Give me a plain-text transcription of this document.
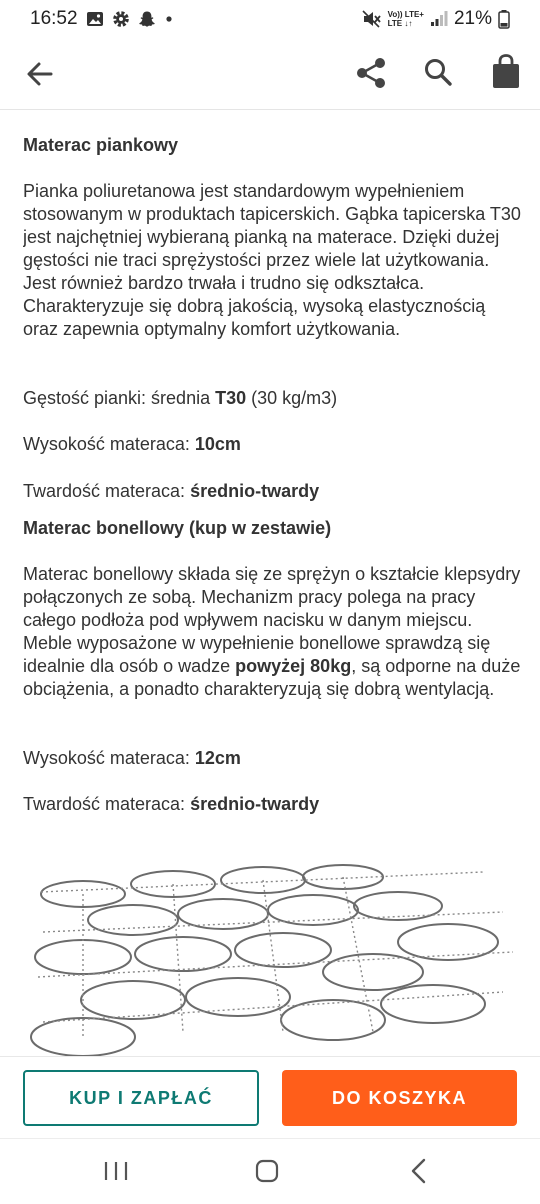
16:52	Vo)) LTE+
LTE ↓↑	21%

Materac piankowy

Pianka poliuretanowa jest standardowym wypełnieniem stosowanym w produktach tapicerskich. Gąbka tapicerska T30 jest najchętniej wybieraną pianką na materace. Dzięki dużej gęstości nie traci sprężystości przez wiele lat użytkowania. Jest również bardzo trwała i trudno się odkształca. Charakteryzuje się dobrą jakością, wysoką elastycznością oraz zapewnia optymalny komfort użytkowania.

Gęstość pianki: średnia T30 (30 kg/m3)

Wysokość materaca: 10cm

Twardość materaca: średnio-twardy

Materac bonellowy (kup w zestawie)

Materac bonellowy składa się ze sprężyn o kształcie klepsydry połączonych ze sobą. Mechanizm pracy polega na pracy całego podłoża pod wpływem nacisku w danym miejscu. Meble wyposażone w wypełnienie bonellowe sprawdzą się idealnie dla osób o wadze powyżej 80kg, są odporne na duże obciążenia, a ponadto charakteryzują się dobrą wentylacją.

Wysokość materaca: 12cm

Twardość materaca: średnio-twardy

KUP I ZAPŁAĆ	DO KOSZYKA
